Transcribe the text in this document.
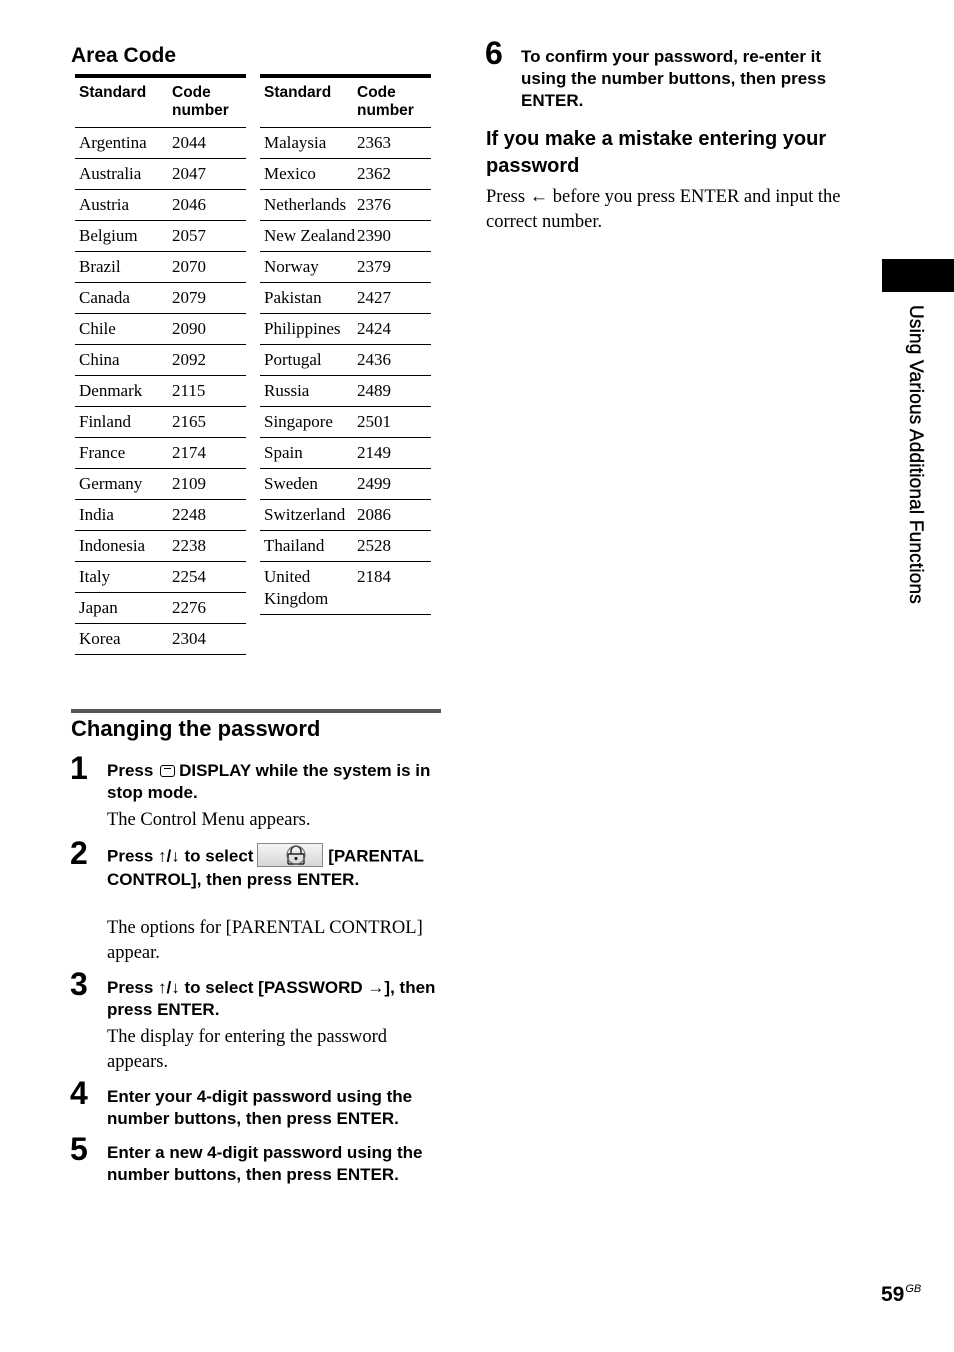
Area Code
Standard	Code number
Argentina	2044
Australia	2047
Austria	2046
Belgium	2057
Brazil	2070
Canada	2079
Chile	2090
China	2092
Denmark	2115
Finland	2165
France	2174
Germany	2109
India	2248
Indonesia	2238
Italy	2254
Japan	2276
Korea	2304
Standard	Code number
Malaysia	2363
Mexico	2362
Netherlands	2376
New Zealand	2390
Norway	2379
Pakistan	2427
Philippines	2424
Portugal	2436
Russia	2489
Singapore	2501
Spain	2149
Sweden	2499
Switzerland	2086
Thailand	2528
United Kingdom	2184
Changing the password
1 Press DISPLAY while the system is in stop mode.
The Control Menu appears.
2 Press ↑/↓ to select	[PARENTAL CONTROL], then press ENTER.
The options for [PARENTAL CONTROL] appear.
3 Press ↑/↓ to select [PASSWORD →], then press ENTER.
The display for entering the password appears.
4 Enter your 4-digit password using the number buttons, then press ENTER.
5 Enter a new 4-digit password using the number buttons, then press ENTER.
6 To confirm your password, re-enter it using the number buttons, then press ENTER.
If you make a mistake entering your password
Press ← before you press ENTER and input the correct number.
Using Various Additional Functions
$59^{GB}$
